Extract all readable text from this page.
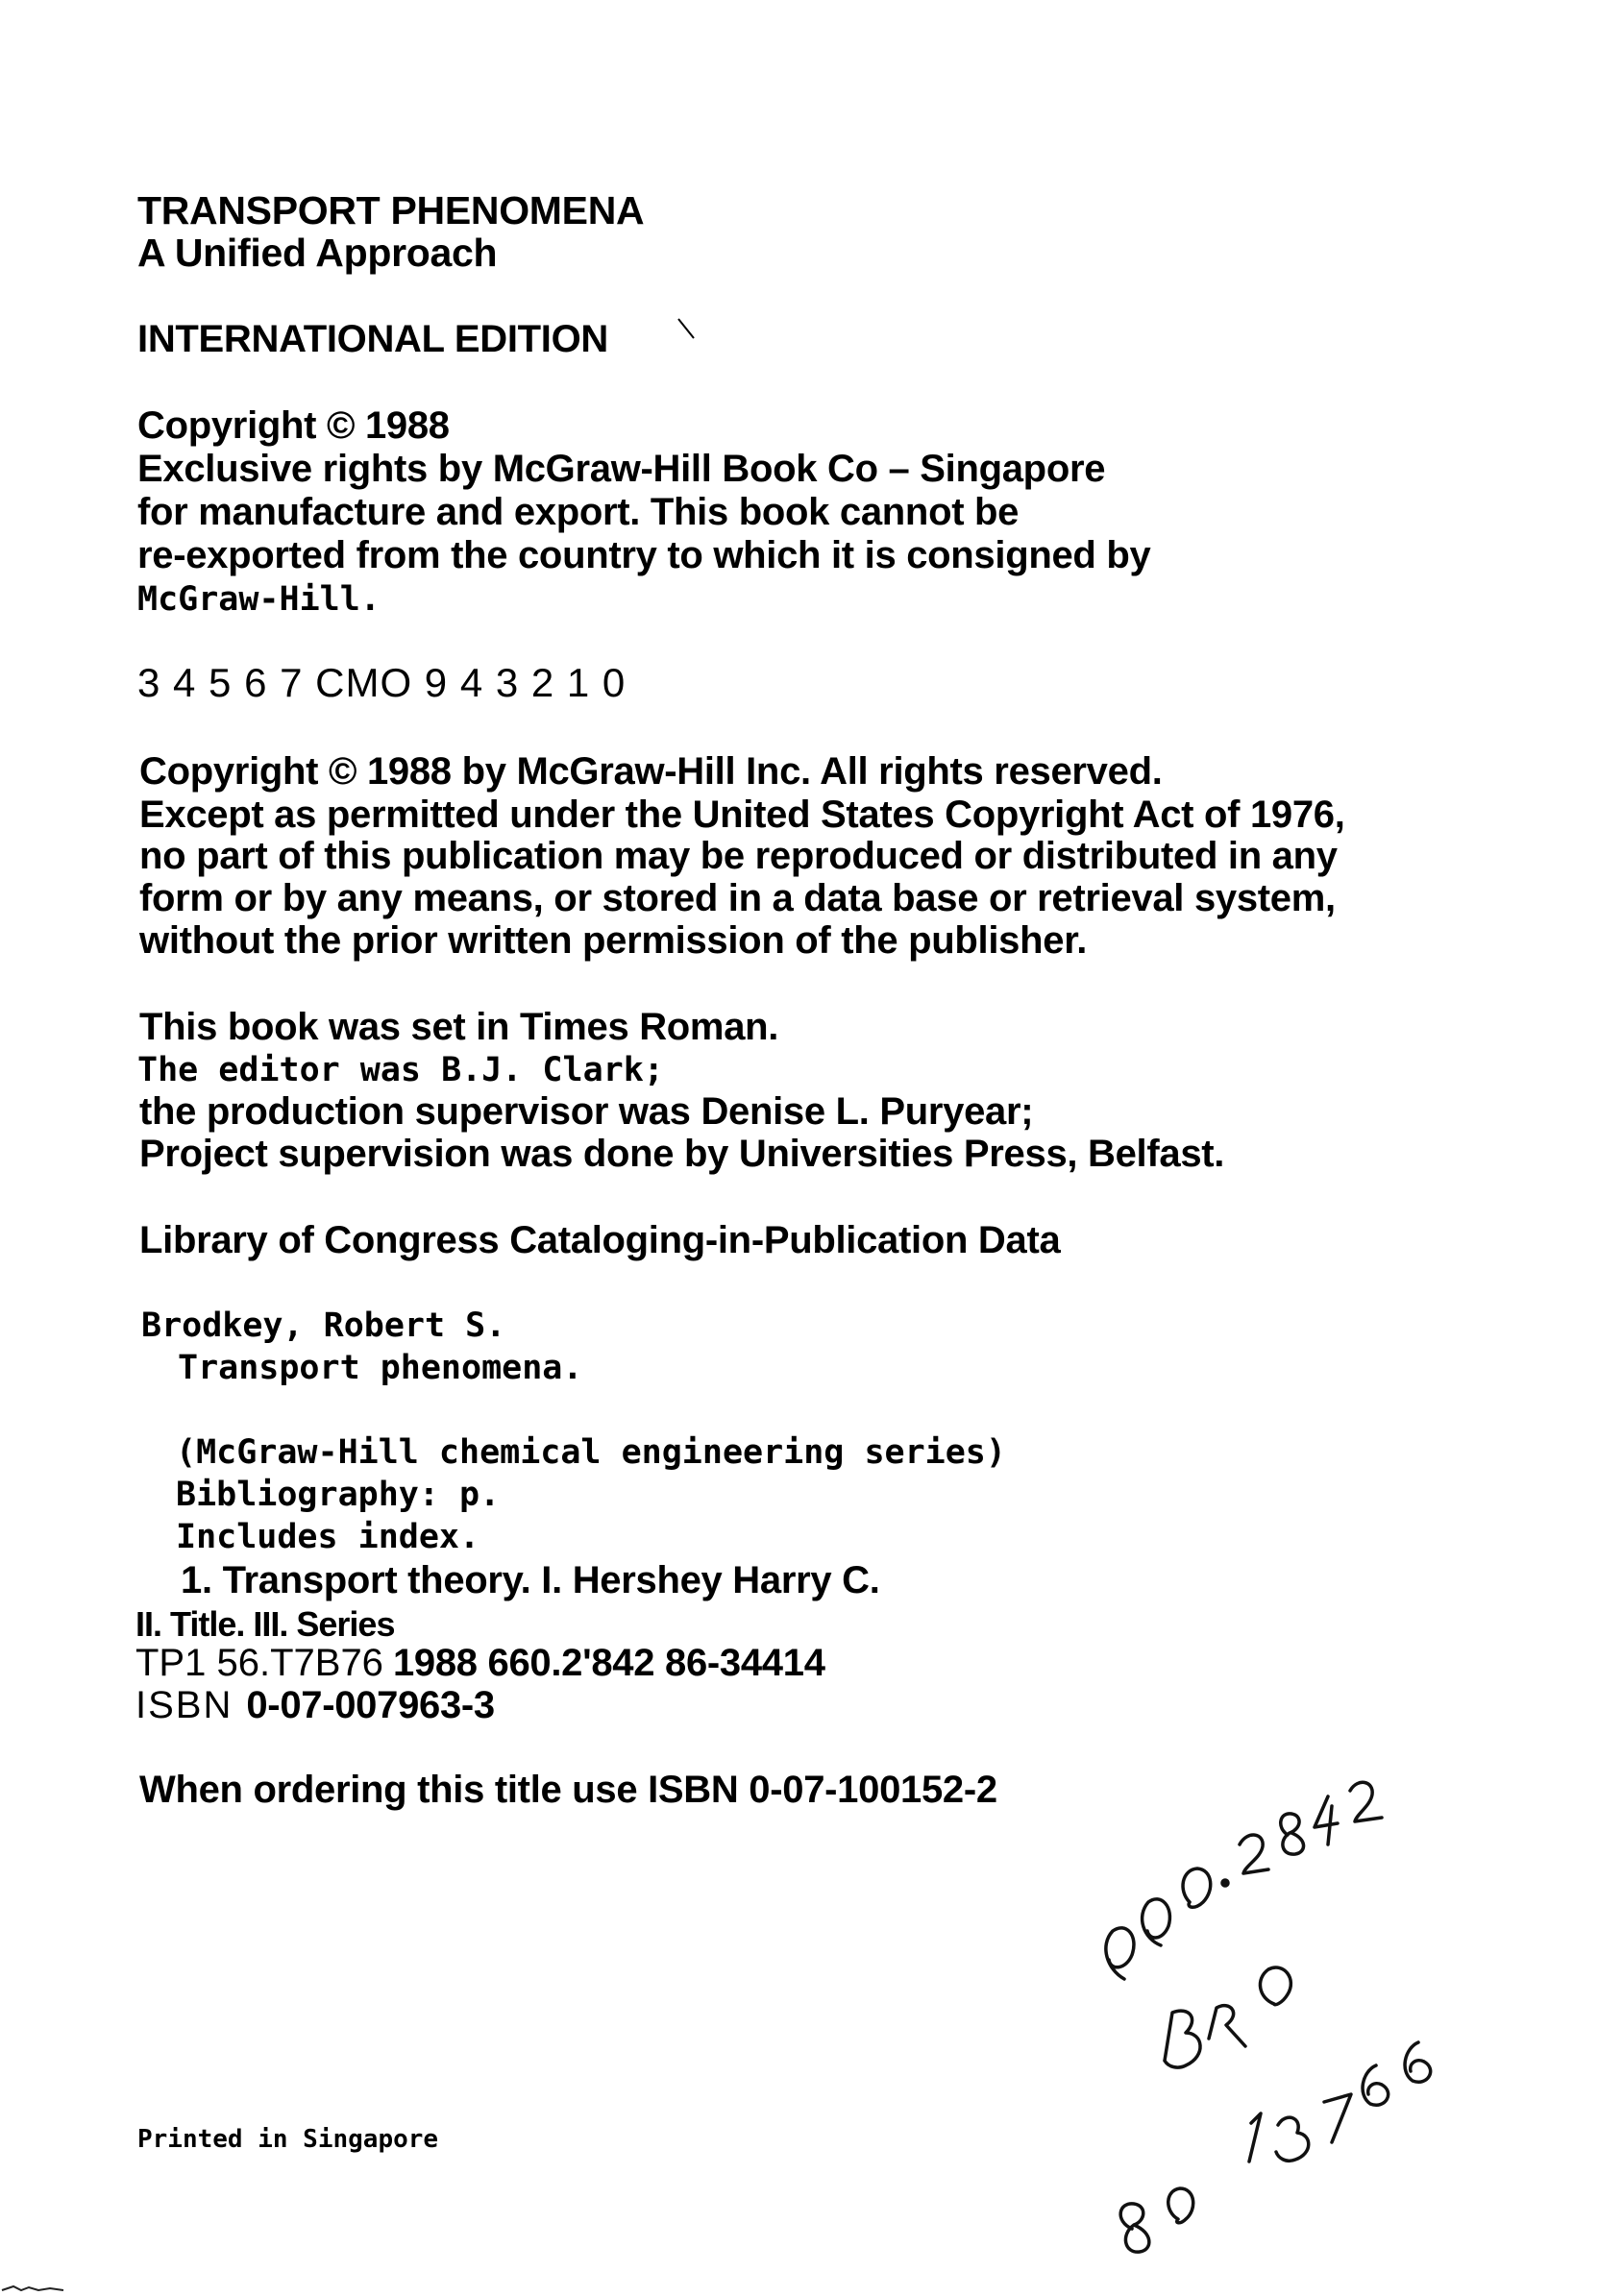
TRANSPORT PHENOMENA

A Unified Approach

INTERNATIONAL EDITION

Copyright © 1988

Exclusive rights by McGraw-Hill Book Co – Singapore

for manufacture and export. This book cannot be

re-exported from the country to which it is consigned by

McGraw-Hill.

3 4 5 6 7 CMO 9 4 3 2 1 0

Copyright © 1988 by McGraw-Hill Inc. All rights reserved.

Except as permitted under the United States Copyright Act of 1976,

no part of this publication may be reproduced or distributed in any

form or by any means, or stored in a data base or retrieval system,

without the prior written permission of the publisher.

This book was set in Times Roman.

The editor was B.J. Clark;

the production supervisor was Denise L. Puryear;

Project supervision was done by Universities Press, Belfast.

Library of Congress Cataloging-in-Publication Data

Brodkey, Robert S.

Transport phenomena.

(McGraw-Hill chemical engineering series)

Bibliography: p.

Includes index.

1. Transport theory. I. Hershey Harry C.

II. Title. III. Series

TP1 56.T7B76 1988 660.2'842 86-34414

ISBN 0-07-007963-3

When ordering this title use ISBN 0-07-100152-2

Printed in Singapore
